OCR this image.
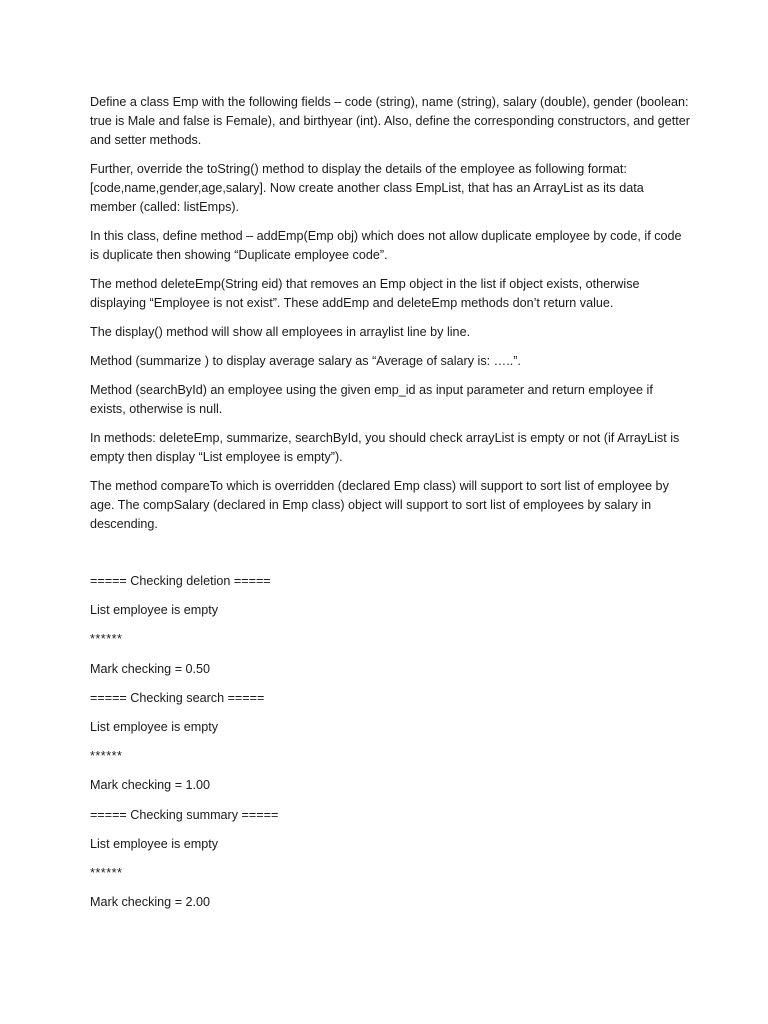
Define a class Emp with the following fields – code (string), name (string), salary (double), gender (boolean: true is Male and false is Female), and birthyear (int). Also, define the corresponding constructors, and getter and setter methods.

Further, override the toString() method to display the details of the employee as following format: [code,name,gender,age,salary]. Now create another class EmpList, that has an ArrayList as its data member (called: listEmps).

In this class, define method – addEmp(Emp obj) which does not allow duplicate employee by code, if code is duplicate then showing “Duplicate employee code”.

The method deleteEmp(String eid) that removes an Emp object in the list if object exists, otherwise displaying “Employee is not exist”. These addEmp and deleteEmp methods don’t return value.

The display() method will show all employees in arraylist line by line.

Method (summarize ) to display average salary as “Average of salary is: …..”.

Method (searchById) an employee using the given emp_id as input parameter and return employee if exists, otherwise is null.

In methods: deleteEmp, summarize, searchById, you should check arrayList is empty or not (if ArrayList is empty then display “List employee is empty”).

The method compareTo which is overridden (declared Emp class) will support to sort list of employee by age. The compSalary (declared in Emp class) object will support to sort list of employees by salary in descending.

===== Checking deletion =====

List employee is empty

******

Mark checking = 0.50

===== Checking search =====

List employee is empty

******

Mark checking = 1.00

===== Checking summary =====

List employee is empty

******

Mark checking = 2.00
